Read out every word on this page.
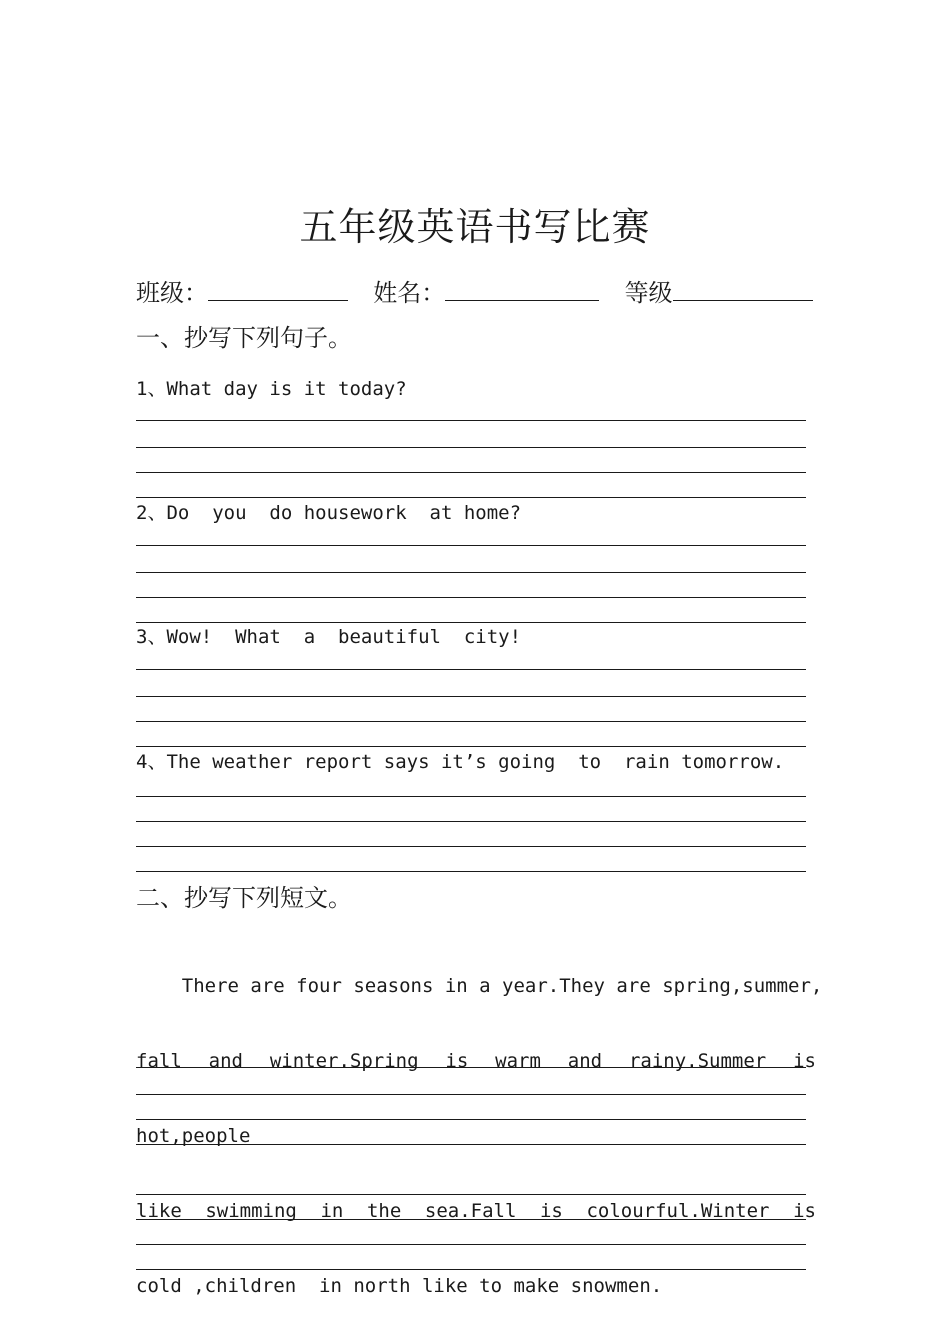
五年级英语书写比赛
班级：	姓名：	等级
一、抄写下列句子。
1、What day is it today?
2、Do  you  do housework  at home?
3、Wow!  What  a  beautiful  city!
4、The weather report says it’s going  to  rain tomorrow.
二、抄写下列短文。

There are four seasons in a year.They are spring,summer,

fall and winter.Spring is warm and rainy.Summer is

hot,people

like swimming in the sea.Fall is colourful.Winter is

cold ,children  in north like to make snowmen.
